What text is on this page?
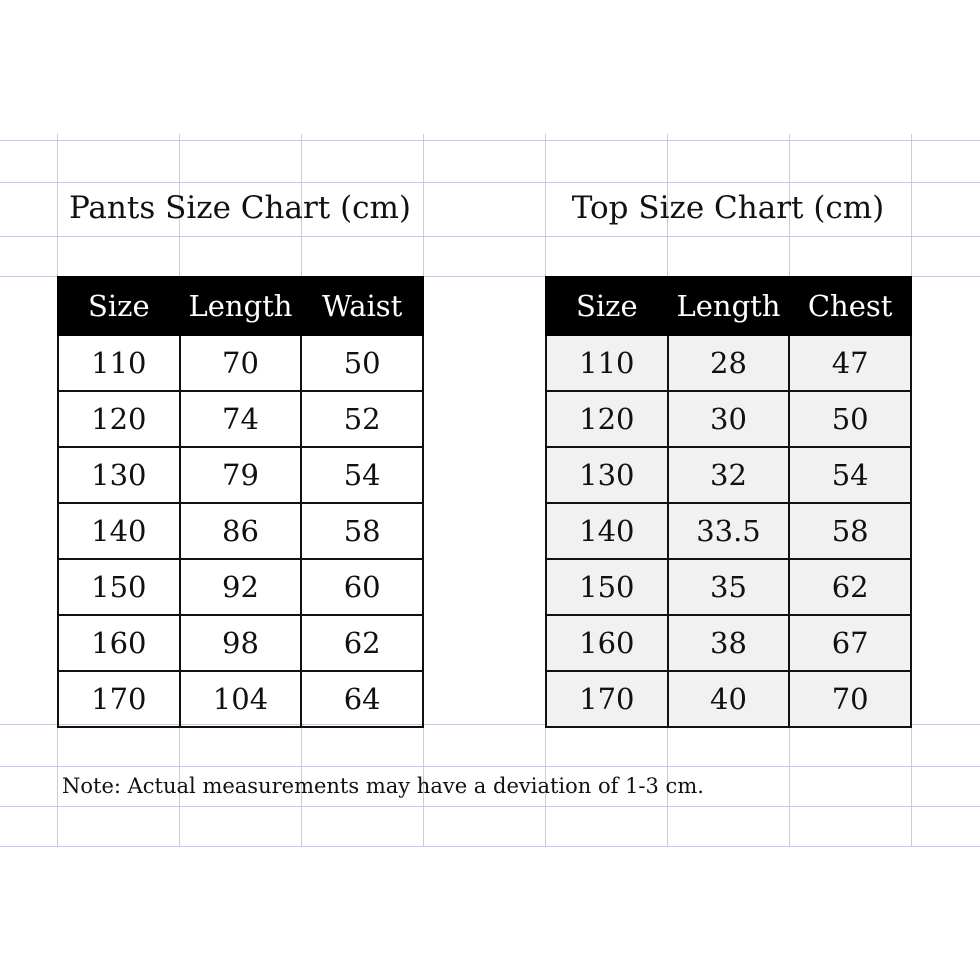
Pants Size Chart (cm)	Top Size Chart (cm)
Size	Length	Waist
110	70	50
120	74	52
130	79	54
140	86	58
150	92	60
160	98	62
170	104	64
Size	Length	Chest
110	28	47
120	30	50
130	32	54
140	33.5	58
150	35	62
160	38	67
170	40	70
Note: Actual measurements may have a deviation of 1-3 cm.
